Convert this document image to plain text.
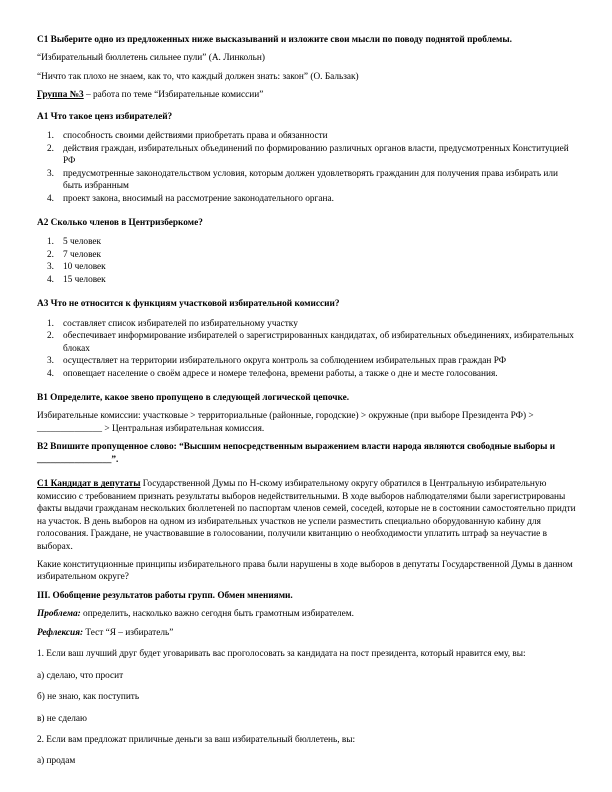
С1 Выберите одно из предложенных ниже высказываний и изложите свои мысли по поводу поднятой проблемы.

“Избирательный бюллетень сильнее пули” (А. Линкольн)

“Ничто так плохо не знаем, как то, что каждый должен знать: закон” (О. Бальзак)

Группа №3 – работа по теме “Избирательные комиссии”

А1 Что такое ценз избирателей?

1. способность своими действиями приобретать права и обязанности
2. действия граждан, избирательных объединений по формированию различных органов власти, предусмотренных Конституцией РФ
3. предусмотренные законодательством условия, которым должен удовлетворять гражданин для получения права избирать или быть избранным
4. проект закона, вносимый на рассмотрение законодательного органа.

А2 Сколько членов в Центризберкоме?

1. 5 человек
2. 7 человек
3. 10 человек
4. 15 человек

А3 Что не относится к функциям участковой избирательной комиссии?

1. составляет список избирателей по избирательному участку
2. обеспечивает информирование избирателей о зарегистрированных кандидатах, об избирательных объединениях, избирательных блоках
3. осуществляет на территории избирательного округа контроль за соблюдением избирательных прав граждан РФ
4. оповещает население о своём адресе и номере телефона, времени работы, а также о дне и месте голосования.

В1 Определите, какое звено пропущено в следующей логической цепочке.

Избирательные комиссии: участковые > территориальные (районные, городские) > окружные (при выборе Президента РФ) > ______________ > Центральная избирательная комиссия.

В2 Впишите пропущенное слово: “Высшим непосредственным выражением власти народа являются свободные выборы и ________________”.

С1 Кандидат в депутаты Государственной Думы по Н-скому избирательному округу обратился в Центральную избирательную комиссию с требованием признать результаты выборов недействительными. В ходе выборов наблюдателями были зарегистрированы факты выдачи гражданам нескольких бюллетеней по паспортам членов семей, соседей, которые не в состоянии самостоятельно придти на участок. В день выборов на одном из избирательных участков не успели разместить специально оборудованную кабину для голосования. Граждане, не участвовавшие в голосовании, получили квитанцию о необходимости уплатить штраф за неучастие в выборах.

Какие конституционные принципы избирательного права были нарушены в ходе выборов в депутаты Государственной Думы в данном избирательном округе?

III. Обобщение результатов работы групп. Обмен мнениями.

Проблема: определить, насколько важно сегодня быть грамотным избирателем.

Рефлексия: Тест “Я – избиратель”

1. Если ваш лучший друг будет уговаривать вас проголосовать за кандидата на пост президента, который нравится ему, вы:

а) сделаю, что просит

б) не знаю, как поступить

в) не сделаю

2. Если вам предложат приличные деньги за ваш избирательный бюллетень, вы:

а) продам
